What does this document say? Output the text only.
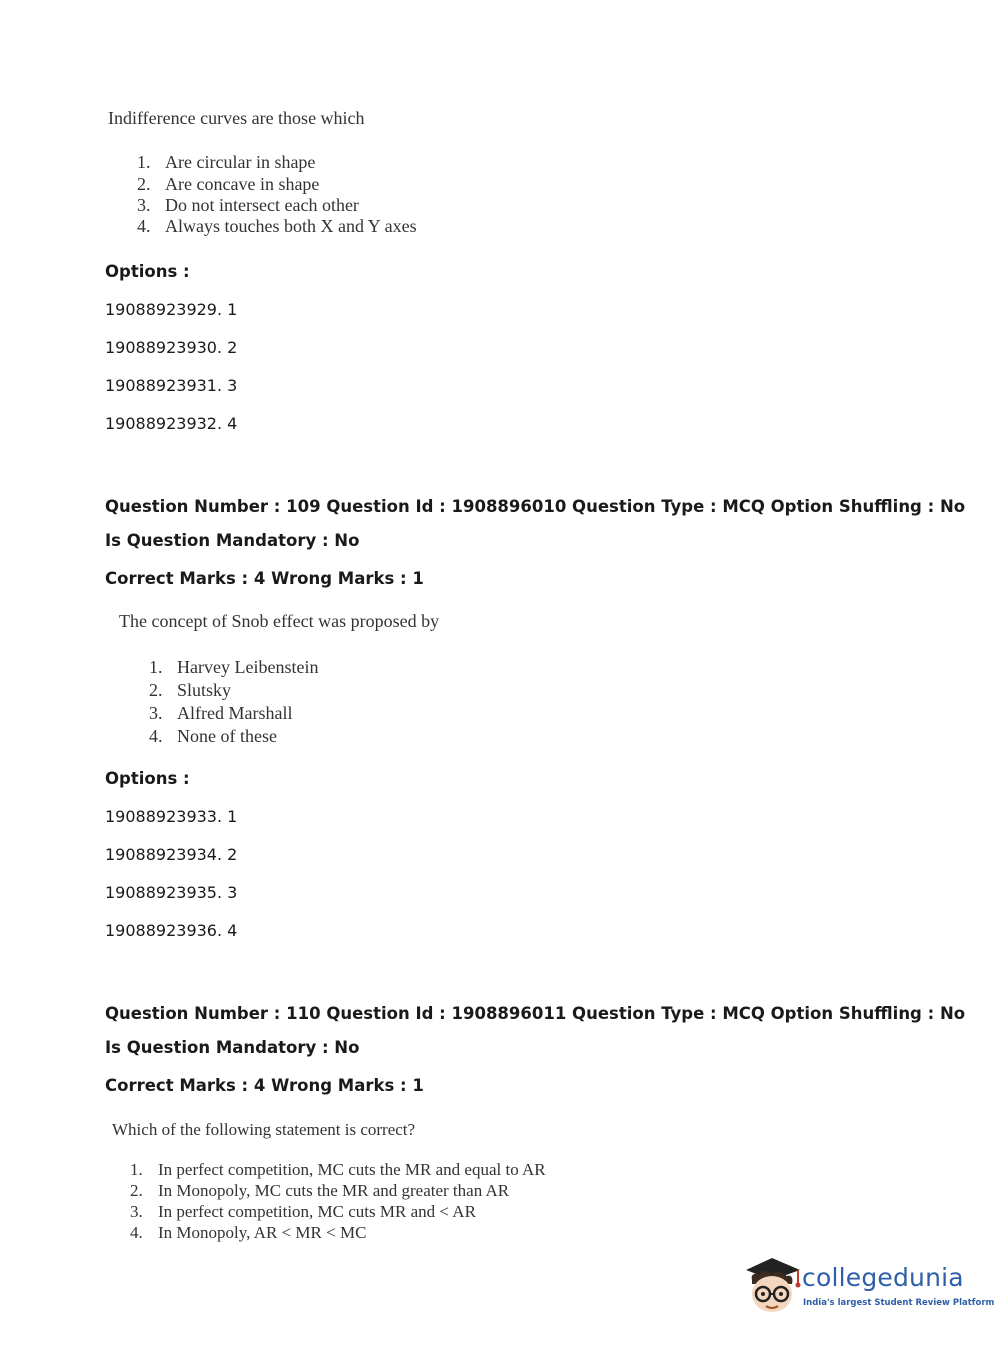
Indifference curves are those which
1. Are circular in shape
2. Are concave in shape
3. Do not intersect each other
4. Always touches both X and Y axes
Options :
19088923929. 1
19088923930. 2
19088923931. 3
19088923932. 4
Question Number : 109 Question Id : 1908896010 Question Type : MCQ Option Shuffling : No
Is Question Mandatory : No
Correct Marks : 4 Wrong Marks : 1
The concept of Snob effect was proposed by
1. Harvey Leibenstein
2. Slutsky
3. Alfred Marshall
4. None of these
Options :
19088923933. 1
19088923934. 2
19088923935. 3
19088923936. 4
Question Number : 110 Question Id : 1908896011 Question Type : MCQ Option Shuffling : No
Is Question Mandatory : No
Correct Marks : 4 Wrong Marks : 1
Which of the following statement is correct?
1. In perfect competition, MC cuts the MR and equal to AR
2. In Monopoly, MC cuts the MR and greater than AR
3. In perfect competition, MC cuts MR and < AR
4. In Monopoly, AR < MR < MC
collegedunia
India's largest Student Review Platform
